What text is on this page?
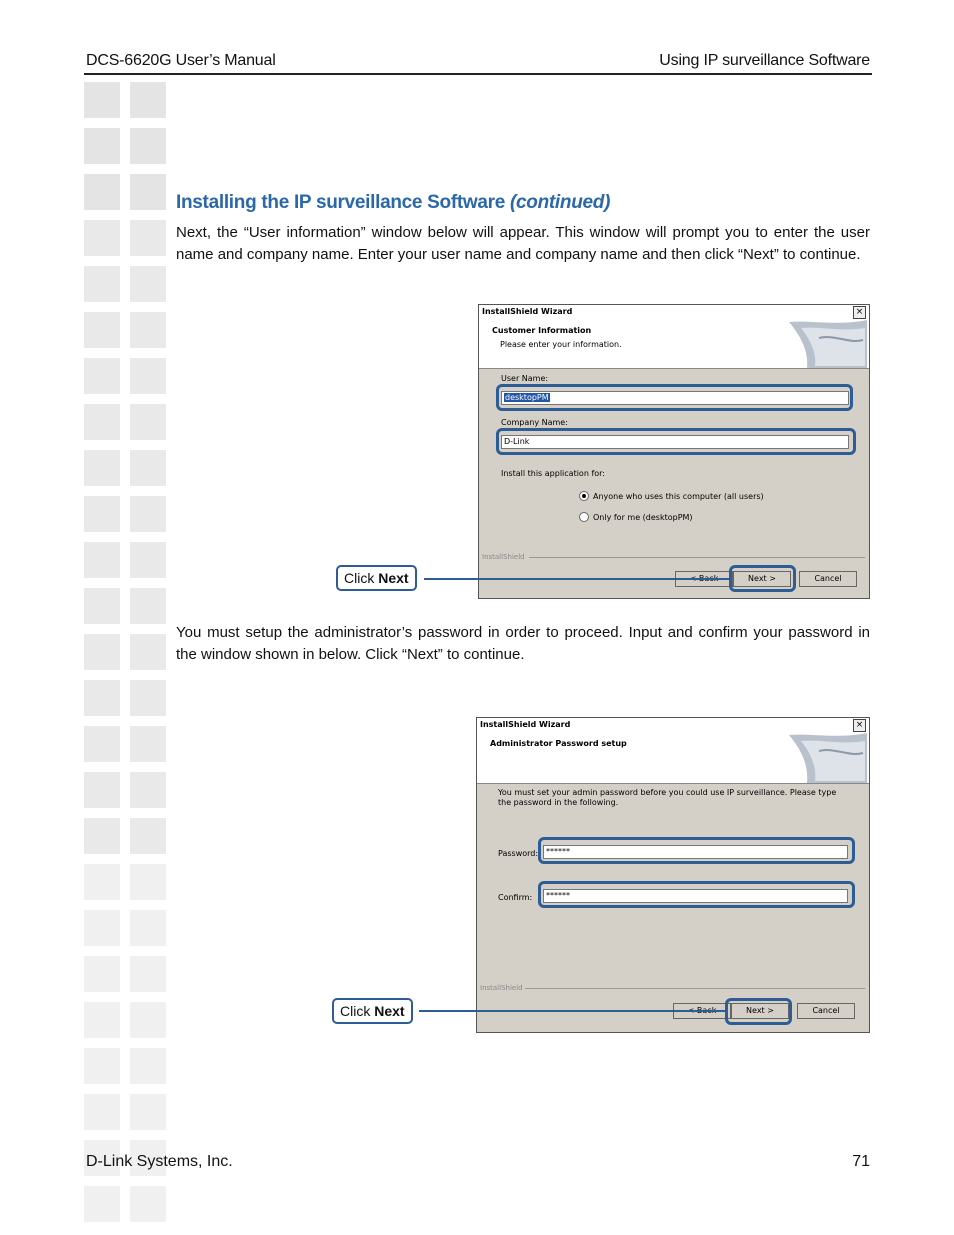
DCS-6620G User’s Manual	Using IP surveillance Software
Installing the IP surveillance Software (continued)
Next, the “User information” window below will appear. This window will prompt you to enter the user name and company name. Enter your user name and company name and then click “Next” to continue.
InstallShield Wizard	×
Customer Information
Please enter your information.
User Name:
desktopPM
Company Name:
D-Link
Install this application for:
Anyone who uses this computer (all users)
Only for me (desktopPM)
InstallShield
Next >	Cancel
Click Next
You must setup the administrator’s password in order to proceed. Input and confirm your password in the window shown in below. Click “Next” to continue.
InstallShield Wizard	×
Administrator Password setup
You must set your admin password before you could use IP surveillance. Please type the password in the following.
Password: ******
Confirm:	******
InstallShield
Next >	Cancel
Click Next
D-Link Systems, Inc.	71
